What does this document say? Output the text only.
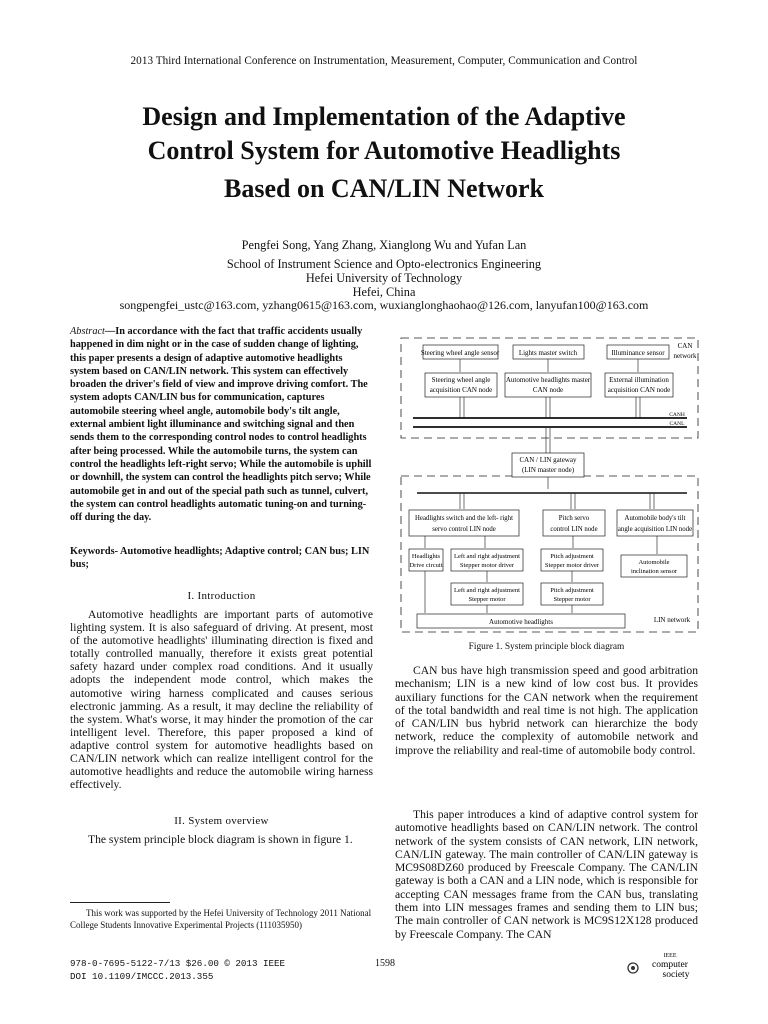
2013 Third International Conference on Instrumentation, Measurement, Computer, Communication and Control
Design and Implementation of the Adaptive
Control System for Automotive Headlights
Based on CAN/LIN Network
Pengfei Song, Yang Zhang, Xianglong Wu and Yufan Lan
School of Instrument Science and Opto-electronics Engineering
Hefei University of Technology
Hefei, China
songpengfei_ustc@163.com, yzhang0615@163.com, wuxianglonghaohao@126.com, lanyufan100@163.com
Abstract—In accordance with the fact that traffic accidents usually happened in dim night or in the case of sudden change of lighting, this paper presents a design of adaptive automotive headlights system based on CAN/LIN network. This system can effectively broaden the driver's field of view and improve driving comfort. The system adopts CAN/LIN bus for communication, captures automobile steering wheel angle, automobile body's tilt angle, external ambient light illuminance and switching signal and then sends them to the corresponding control nodes to control headlights after being processed. While the automobile turns, the system can control the headlights left-right servo; While the automobile is uphill or downhill, the system can control the headlights pitch servo; While automobile get in and out of the special path such as tunnel, culvert, the system can control headlights automatic tuning-on and turning-off during the day.
Keywords- Automotive headlights; Adaptive control; CAN bus; LIN bus;
I. Introduction
Automotive headlights are important parts of automotive lighting system. It is also safeguard of driving. At present, most of the automotive headlights' illuminating direction is fixed and totally controlled manually, therefore it exists great potential safety hazard under complex road conditions. And it usually adopts the independent mode control, which makes the automotive wiring harness complicated and causes serious electronic jamming. As a result, it may decline the reliability of the system. What's worse, it may hinder the promotion of the car intelligent level. Therefore, this paper proposed a kind of adaptive control system for automotive headlights based on CAN/LIN network which can realize intelligent control for the automotive headlights and reduce the automobile wiring harness effectively.
II. System overview
The system principle block diagram is shown in figure 1.
This work was supported by the Hefei University of Technology 2011 National College Students Innovative Experimental Projects (111035950)
CAN
network
Steering wheel angle sensor	Lights master switch	Illuminance sensor
Steering wheel angle
acquisition CAN node
Automotive headlights master
CAN node
External illumination
acquisition CAN node
CANH
CANL
LIN network
CAN / LIN gateway
(LIN master node)
Headlights switch and the left- right
servo control LIN node
Pitch servo
control LIN node
Automobile body's tilt
angle acquisition LIN node
Headlights
Drive circuit
Left and right adjustment
Stepper motor driver
Pitch adjustment
Stepper motor driver	Automobile
inclination sensor
Left and right adjustment
Stepper motor
Pitch adjustment
Stepper motor
Automotive headlights
Figure 1. System principle block diagram
CAN bus have high transmission speed and good arbitration mechanism; LIN is a new kind of low cost bus. It provides auxiliary functions for the CAN network when the requirement of the total bandwidth and real time is not high. The application of CAN/LIN bus hybrid network can hierarchize the body network, reduce the complexity of automobile network and improve the reliability and real-time of automobile body control.
This paper introduces a kind of adaptive control system for automotive headlights based on CAN/LIN network. The control network of the system consists of CAN network, LIN network, CAN/LIN gateway. The main controller of CAN/LIN gateway is MC9S08DZ60 produced by Freescale Company. The CAN/LIN gateway is both a CAN and a LIN node, which is responsible for accepting CAN messages frame from the CAN bus, translating them into LIN messages frames and sending them to LIN bus; The main controller of CAN network is MC9S12X128 produced by Freescale Company. The CAN
978-0-7695-5122-7/13 $26.00 © 2013 IEEE
DOI 10.1109/IMCCC.2013.355
1598
IEEE
computer
society
